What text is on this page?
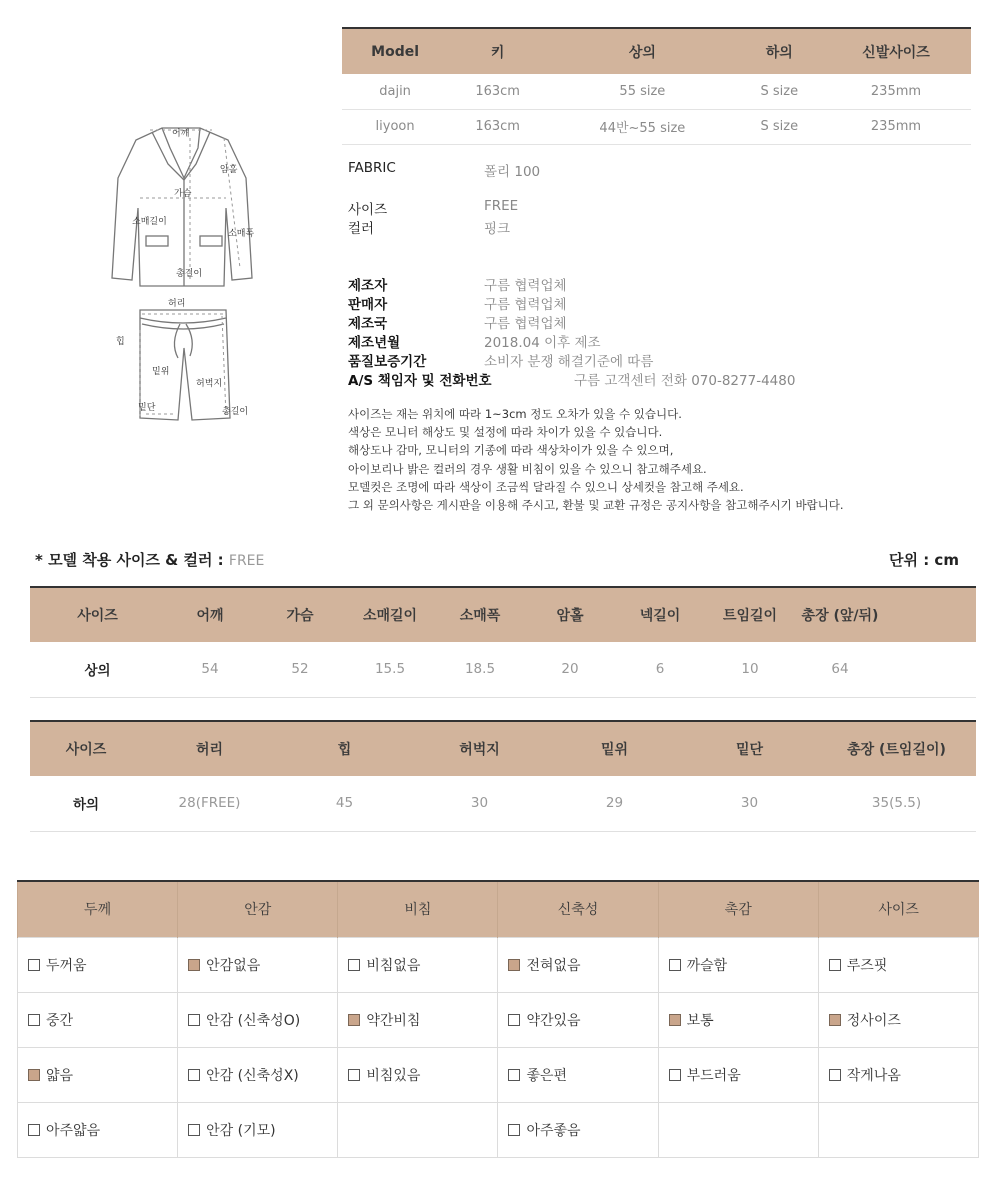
어깨
암홀
가슴
소매길이
소매폭
총길이
허리
힙
밑위
허벅지
밑단	총길이
Model	키	상의	하의	신발사이즈
dajin	163cm	55 size	S size	235mm
liyoon	163cm	44반~55 size	S size	235mm
FABRIC	폴리 100
사이즈	FREE
컬러	핑크
제조자	구름 협력업체
판매자	구름 협력업체
제조국	구름 협력업체
제조년월	2018.04 이후 제조
품질보증기간	소비자 분쟁 해결기준에 따름
A/S 책임자 및 전화번호	구름 고객센터 전화 070-8277-4480
사이즈는 재는 위치에 따라 1~3cm 정도 오차가 있을 수 있습니다.
색상은 모니터 해상도 및 설정에 따라 차이가 있을 수 있습니다.
해상도나 감마, 모니터의 기종에 따라 색상차이가 있을 수 있으며,
아이보리나 밝은 컬러의 경우 생활 비침이 있을 수 있으니 참고해주세요.
모델컷은 조명에 따라 색상이 조금씩 달라질 수 있으니 상세컷을 참고해 주세요.
그 외 문의사항은 게시판을 이용해 주시고, 환불 및 교환 규정은 공지사항을 참고해주시기 바랍니다.
* 모델 착용 사이즈 & 컬러 : FREE	단위 : cm
사이즈	어깨	가슴	소매길이	소매폭	암홀	넥길이	트임길이	총장 (앞/뒤)	
상의	54	52	15.5	18.5	20	6	10	64	
사이즈	허리	힙	허벅지	밑위	밑단	총장 (트임길이)
하의	28(FREE)	45	30	29	30	35(5.5)
두께	안감	비침	신축성	촉감	사이즈
두꺼움	안감없음	비침없음	전혀없음	까슬함	루즈핏
중간	안감 (신축성O)	약간비침	약간있음	보통	정사이즈
얇음	안감 (신축성X)	비침있음	좋은편	부드러움	작게나옴
아주얇음	안감 (기모)		아주좋음		
